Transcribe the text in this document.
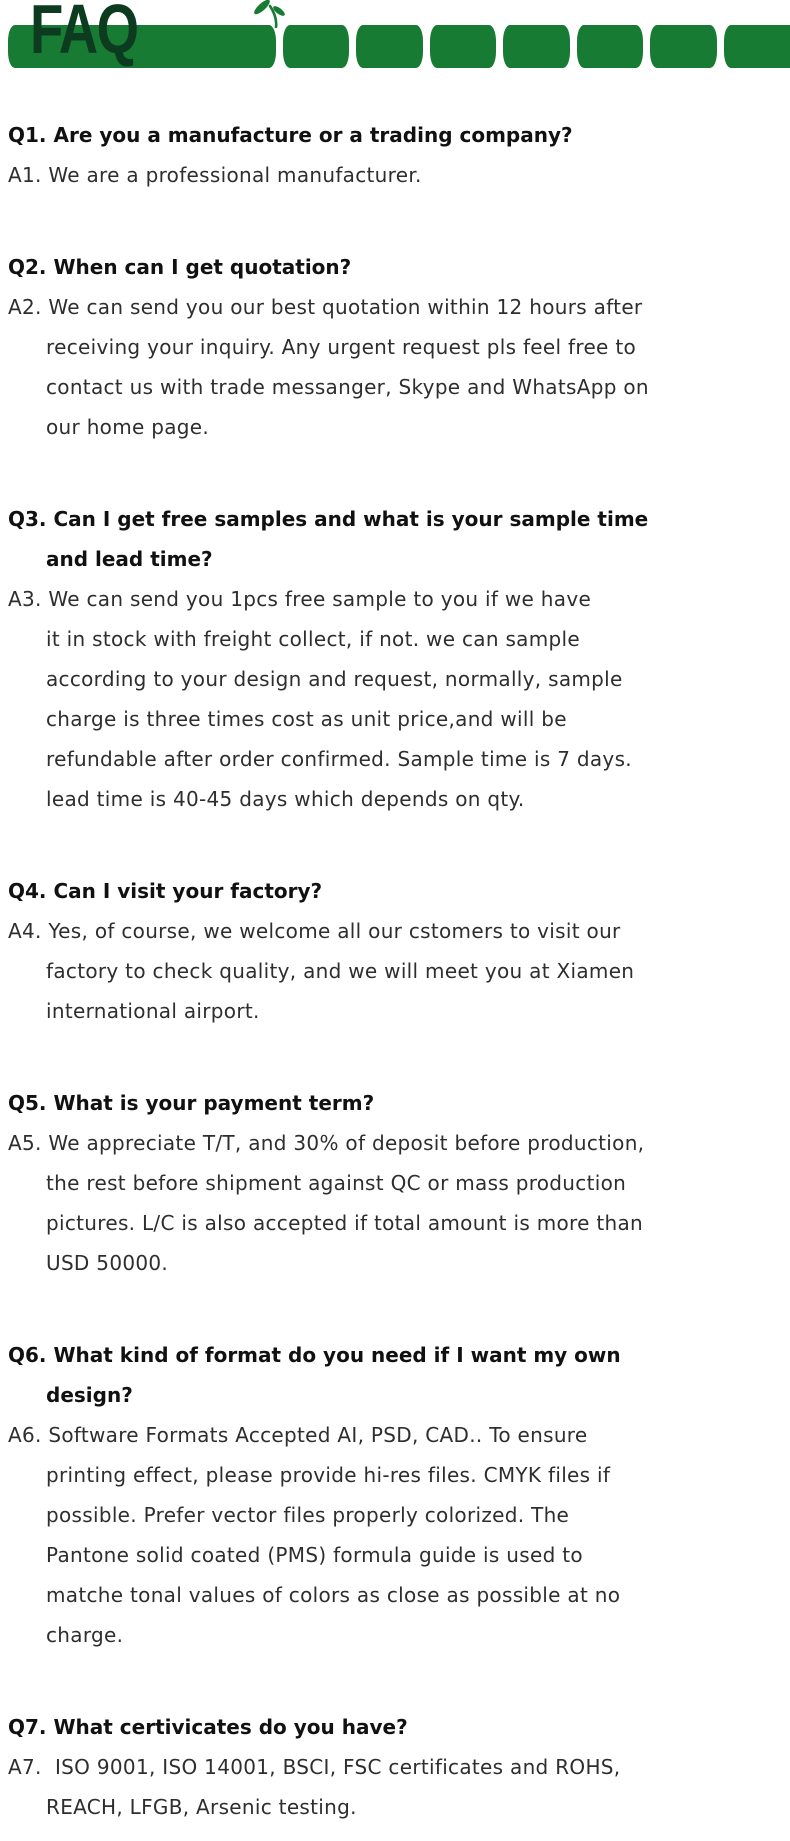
FAQ
Q1. Are you a manufacture or a trading company?
A1. We are a professional manufacturer.
Q2. When can I get quotation?
A2. We can send you our best quotation within 12 hours after
receiving your inquiry. Any urgent request pls feel free to
contact us with trade messanger, Skype and WhatsApp on
our home page.
Q3. Can I get free samples and what is your sample time
and lead time?
A3. We can send you 1pcs free sample to you if we have
it in stock with freight collect, if not. we can sample
according to your design and request, normally, sample
charge is three times cost as unit price,and will be
refundable after order confirmed. Sample time is 7 days.
lead time is 40-45 days which depends on qty.
Q4. Can I visit your factory?
A4. Yes, of course, we welcome all our cstomers to visit our
factory to check quality, and we will meet you at Xiamen
international airport.
Q5. What is your payment term?
A5. We appreciate T/T, and 30% of deposit before production,
the rest before shipment against QC or mass production
pictures. L/C is also accepted if total amount is more than
USD 50000.
Q6. What kind of format do you need if I want my own
design?
A6. Software Formats Accepted AI, PSD, CAD.. To ensure
printing effect, please provide hi-res files. CMYK files if
possible. Prefer vector files properly colorized. The
Pantone solid coated (PMS) formula guide is used to
matche tonal values of colors as close as possible at no
charge.
Q7. What certivicates do you have?
A7.  ISO 9001, ISO 14001, BSCI, FSC certificates and ROHS,
REACH, LFGB, Arsenic testing.
